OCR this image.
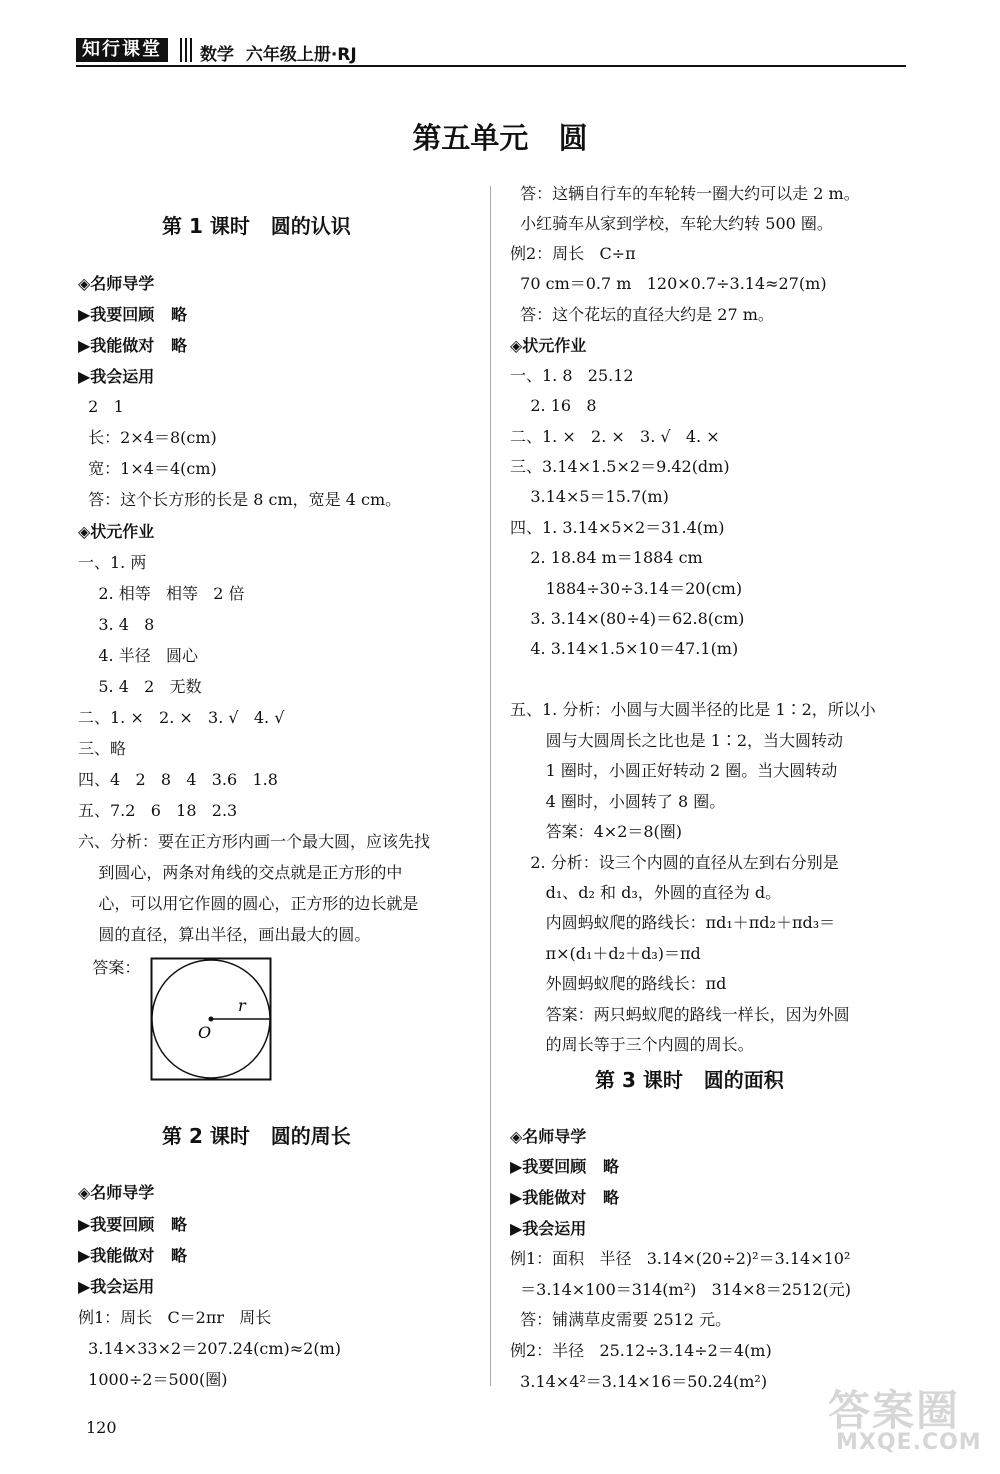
知行课堂	数学  六年级上册·RJ
第五单元   圆
第 1 课时   圆的认识
◈名师导学
▶我要回顾   略
▶我能做对   略
▶我会运用
2   1
长：2×4＝8(cm)
宽：1×4＝4(cm)
答：这个长方形的长是 8 cm，宽是 4 cm。
◈状元作业
一、1. 两
2. 相等   相等   2 倍
3. 4   8
4. 半径   圆心
5. 4   2   无数
二、1. ×   2. ×   3. √   4. √
三、略
四、4   2   8   4   3.6   1.8
五、7.2   6   18   2.3
六、分析：要在正方形内画一个最大圆，应该先找
到圆心，两条对角线的交点就是正方形的中
心，可以用它作圆的圆心，正方形的边长就是
圆的直径，算出半径，画出最大的圆。
答案：
r
O
第 2 课时   圆的周长
◈名师导学
▶我要回顾   略
▶我能做对   略
▶我会运用
例1：周长   C＝2πr   周长
3.14×33×2＝207.24(cm)≈2(m)
1000÷2＝500(圈)
答：这辆自行车的车轮转一圈大约可以走 2 m。
小红骑车从家到学校，车轮大约转 500 圈。
例2：周长   C÷π
70 cm＝0.7 m   120×0.7÷3.14≈27(m)
答：这个花坛的直径大约是 27 m。
◈状元作业
一、1. 8   25.12
2. 16   8
二、1. ×   2. ×   3. √   4. ×
三、3.14×1.5×2＝9.42(dm)
3.14×5＝15.7(m)
四、1. 3.14×5×2＝31.4(m)
2. 18.84 m＝1884 cm
1884÷30÷3.14＝20(cm)
3. 3.14×(80÷4)＝62.8(cm)
4. 3.14×1.5×10＝47.1(m)
五、1. 分析：小圆与大圆半径的比是 1∶2，所以小
圆与大圆周长之比也是 1∶2，当大圆转动
1 圈时，小圆正好转动 2 圈。当大圆转动
4 圈时，小圆转了 8 圈。
答案：4×2＝8(圈)
2. 分析：设三个内圆的直径从左到右分别是
d₁、d₂ 和 d₃，外圆的直径为 d。
内圆蚂蚁爬的路线长：πd₁＋πd₂＋πd₃＝
π×(d₁＋d₂＋d₃)＝πd
外圆蚂蚁爬的路线长：πd
答案：两只蚂蚁爬的路线一样长，因为外圆
的周长等于三个内圆的周长。
第 3 课时   圆的面积
◈名师导学
▶我要回顾   略
▶我能做对   略
▶我会运用
例1：面积   半径   3.14×(20÷2)²＝3.14×10²
＝3.14×100＝314(m²)   314×8＝2512(元)
答：铺满草皮需要 2512 元。
例2：半径   25.12÷3.14÷2＝4(m)
3.14×4²＝3.14×16＝50.24(m²)
120	答案圈
MXQE.COM
